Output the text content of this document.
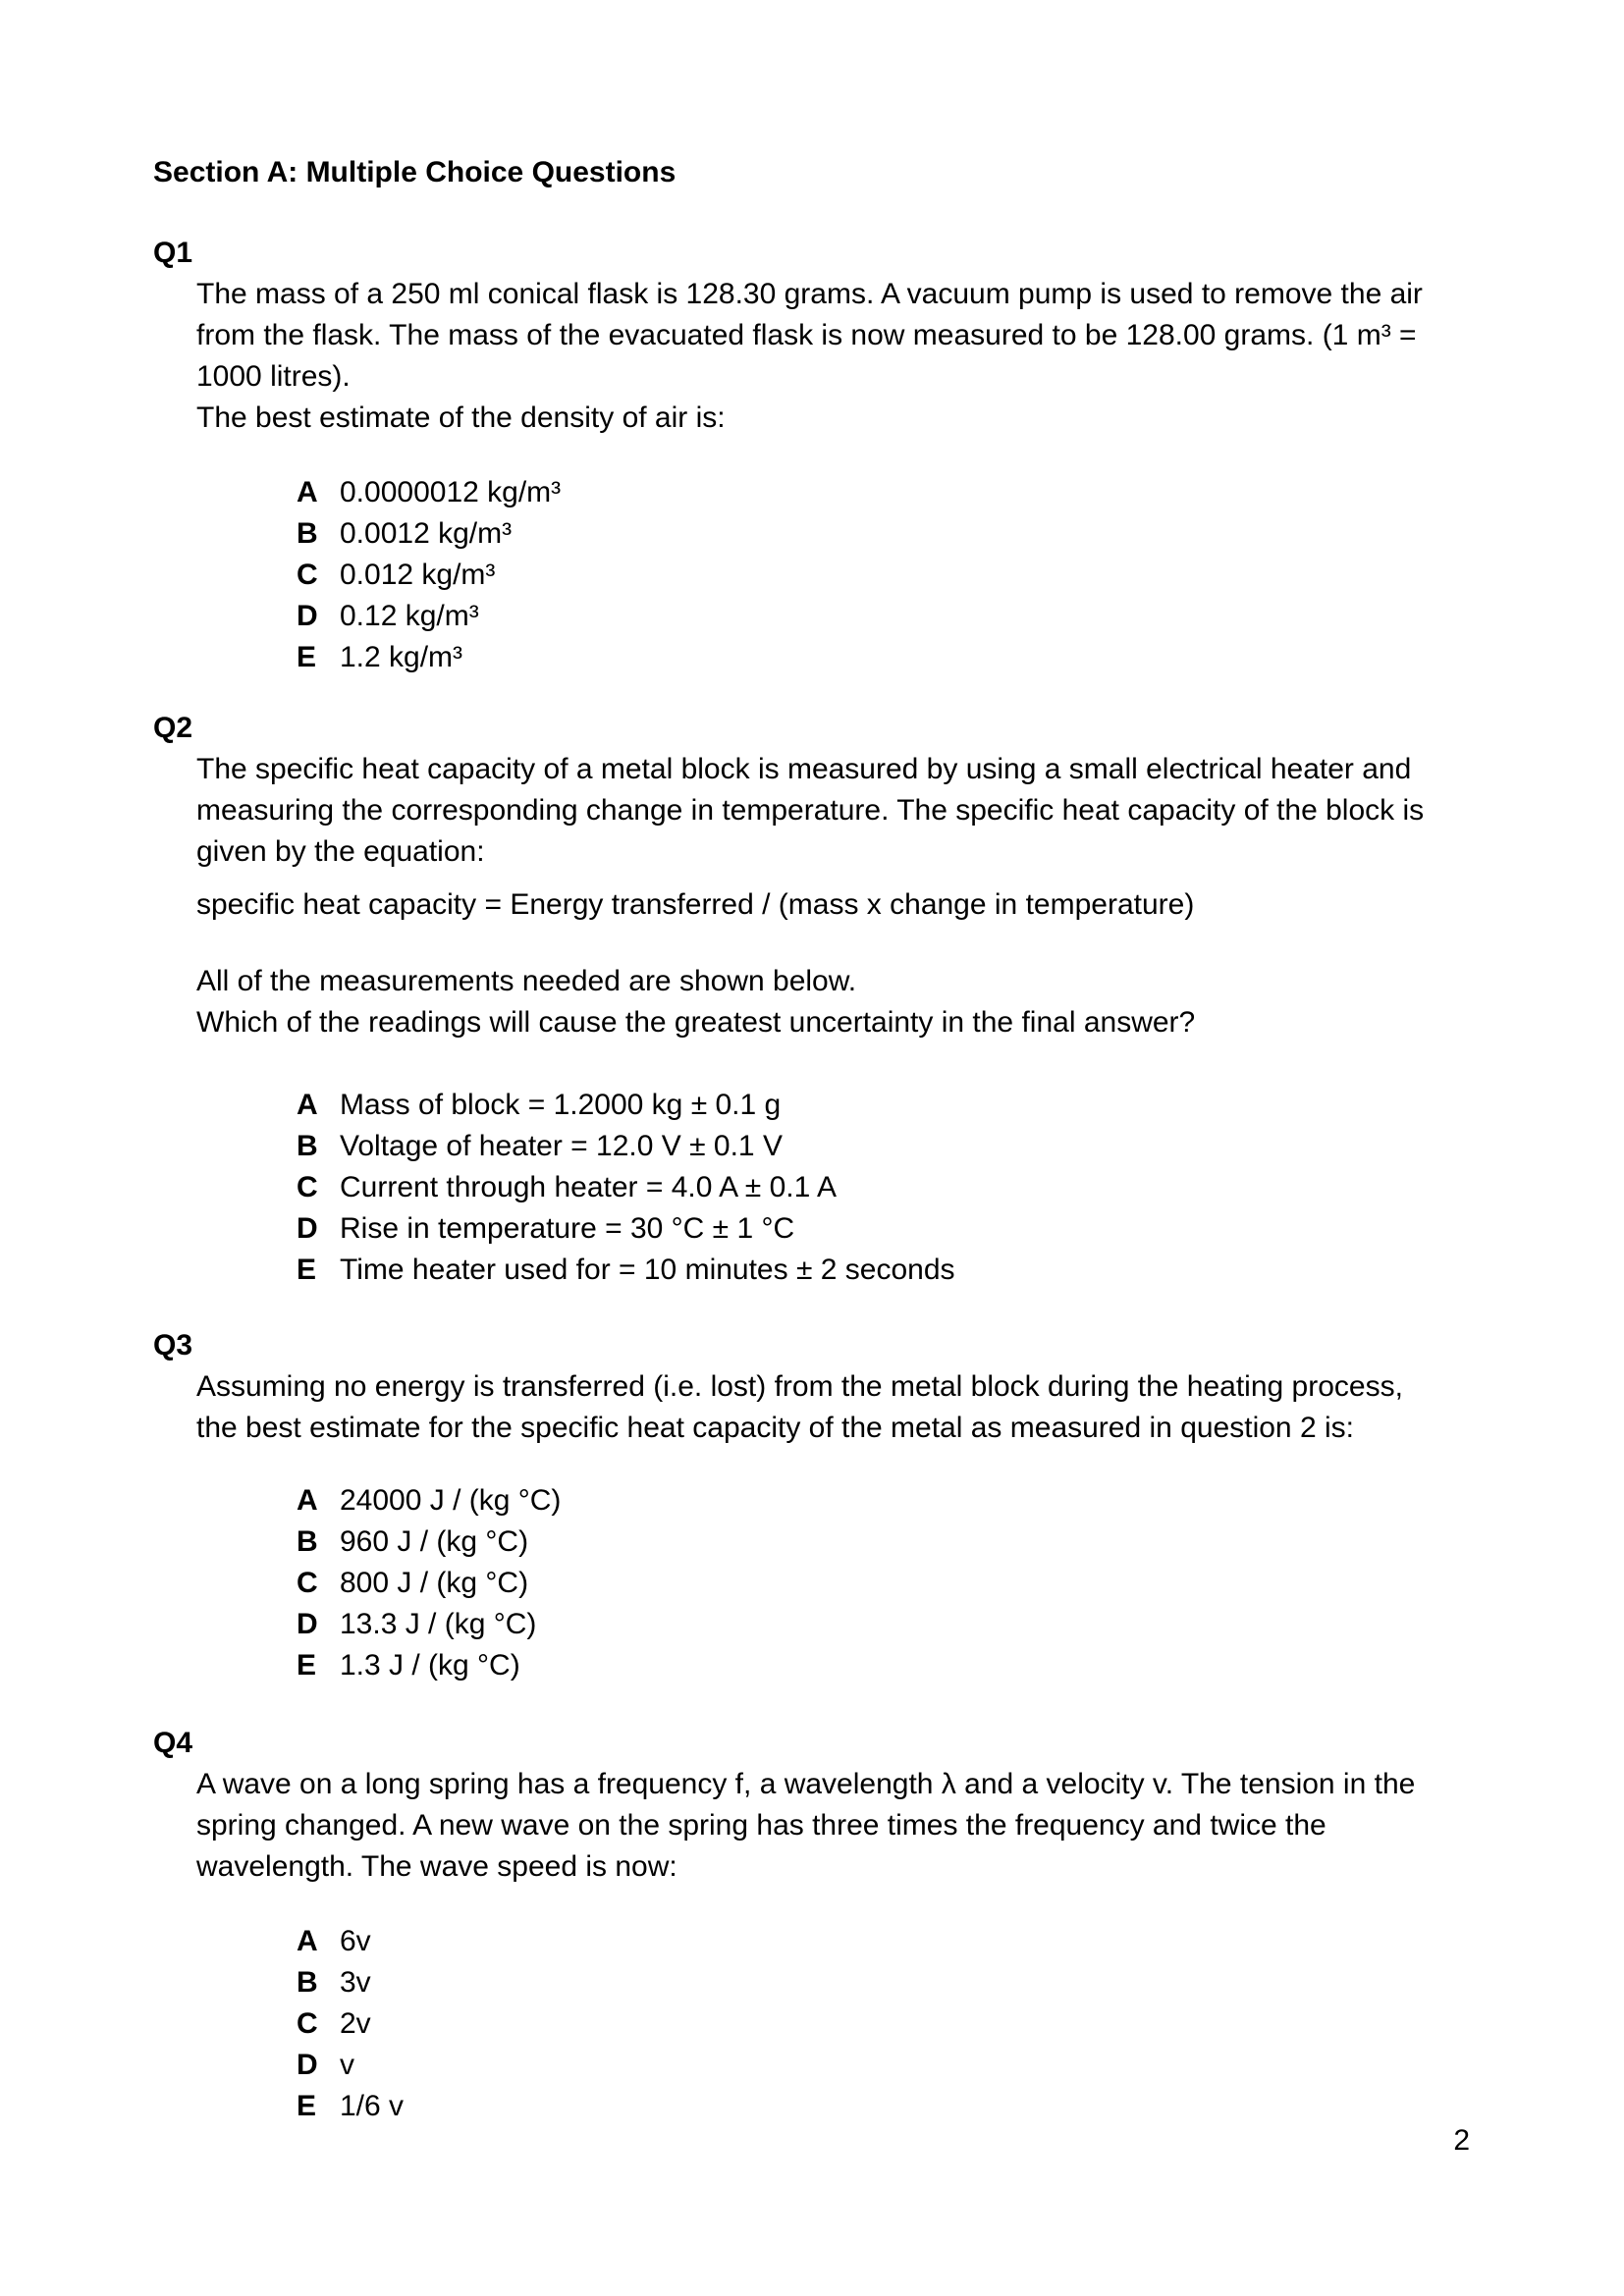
Section A: Multiple Choice Questions
Q1
The mass of a 250 ml conical flask is 128.30 grams. A vacuum pump is used to remove the air
from the flask. The mass of the evacuated flask is now measured to be 128.00 grams. (1 m³ =
1000 litres).
The best estimate of the density of air is:
A 0.0000012 kg/m³
B 0.0012 kg/m³
C 0.012 kg/m³
D 0.12 kg/m³
E 1.2 kg/m³
Q2
The specific heat capacity of a metal block is measured by using a small electrical heater and
measuring the corresponding change in temperature. The specific heat capacity of the block is
given by the equation:
specific heat capacity = Energy transferred / (mass x change in temperature)
All of the measurements needed are shown below.
Which of the readings will cause the greatest uncertainty in the final answer?
A Mass of block = 1.2000 kg ± 0.1 g
B Voltage of heater = 12.0 V ± 0.1 V
C Current through heater = 4.0 A ± 0.1 A
D Rise in temperature = 30 °C ± 1 °C
E Time heater used for = 10 minutes ± 2 seconds
Q3
Assuming no energy is transferred (i.e. lost) from the metal block during the heating process,
the best estimate for the specific heat capacity of the metal as measured in question 2 is:
A 24000 J / (kg °C)
B 960 J / (kg °C)
C 800 J / (kg °C)
D 13.3 J / (kg °C)
E 1.3 J / (kg °C)
Q4
A wave on a long spring has a frequency f, a wavelength λ and a velocity v. The tension in the
spring changed. A new wave on the spring has three times the frequency and twice the
wavelength. The wave speed is now:
A 6v
B 3v
C 2v
D v
E 1/6 v
2
